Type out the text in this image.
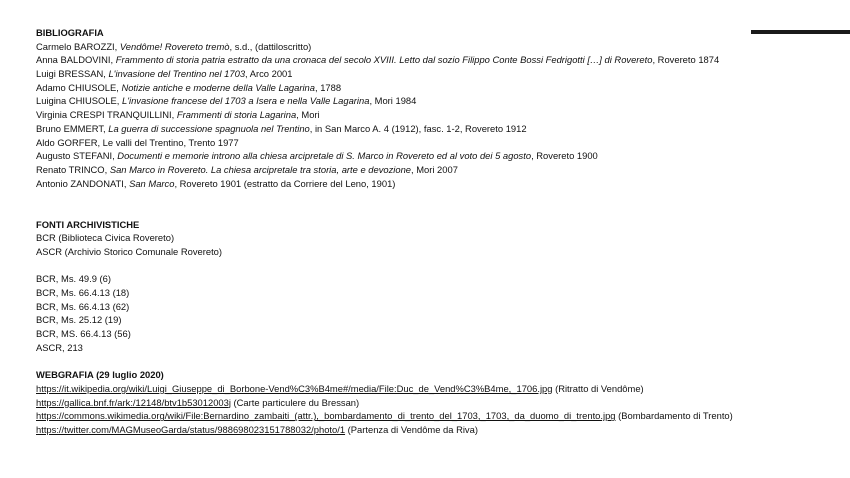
BIBLIOGRAFIA
Carmelo BAROZZI, Vendôme! Rovereto tremò, s.d., (dattiloscritto)
Anna BALDOVINI, Frammento di storia patria estratto da una cronaca del secolo XVIII. Letto dal sozio Filippo Conte Bossi Fedrigotti […] di Rovereto, Rovereto 1874
Luigi BRESSAN, L'invasione del Trentino nel 1703, Arco 2001
Adamo CHIUSOLE, Notizie antiche e moderne della Valle Lagarina, 1788
Luigina CHIUSOLE, L'invasione francese del 1703 a Isera e nella Valle Lagarina, Mori 1984
Virginia CRESPI TRANQUILLINI, Frammenti di storia Lagarina, Mori
Bruno EMMERT, La guerra di successione spagnuola nel Trentino, in San Marco A. 4 (1912), fasc. 1-2, Rovereto 1912
Aldo GORFER, Le valli del Trentino, Trento 1977
Augusto STEFANI, Documenti e memorie introno alla chiesa arcipretale di S. Marco in Rovereto ed al voto dei 5 agosto, Rovereto 1900
Renato TRINCO, San Marco in Rovereto. La chiesa arcipretale tra storia, arte e devozione, Mori 2007
Antonio ZANDONATI, San Marco, Rovereto 1901 (estratto da Corriere del Leno, 1901)
FONTI ARCHIVISTICHE
BCR (Biblioteca Civica Rovereto)
ASCR (Archivio Storico Comunale Rovereto)
BCR, Ms. 49.9 (6)
BCR, Ms. 66.4.13 (18)
BCR, Ms. 66.4.13 (62)
BCR, Ms. 25.12 (19)
BCR, MS. 66.4.13 (56)
ASCR, 213
WEBGRAFIA (29 luglio 2020)
https://it.wikipedia.org/wiki/Luigi_Giuseppe_di_Borbone-Vend%C3%B4me#/media/File:Duc_de_Vend%C3%B4me,_1706.jpg (Ritratto di Vendôme)
https://gallica.bnf.fr/ark:/12148/btv1b53012003j (Carte particulere du Bressan)
https://commons.wikimedia.org/wiki/File:Bernardino_zambaiti_(attr.),_bombardamento_di_trento_del_1703,_1703,_da_duomo_di_trento.jpg (Bombardamento di Trento)
https://twitter.com/MAGMuseoGarda/status/988698023151788032/photo/1 (Partenza di Vendôme da Riva)
